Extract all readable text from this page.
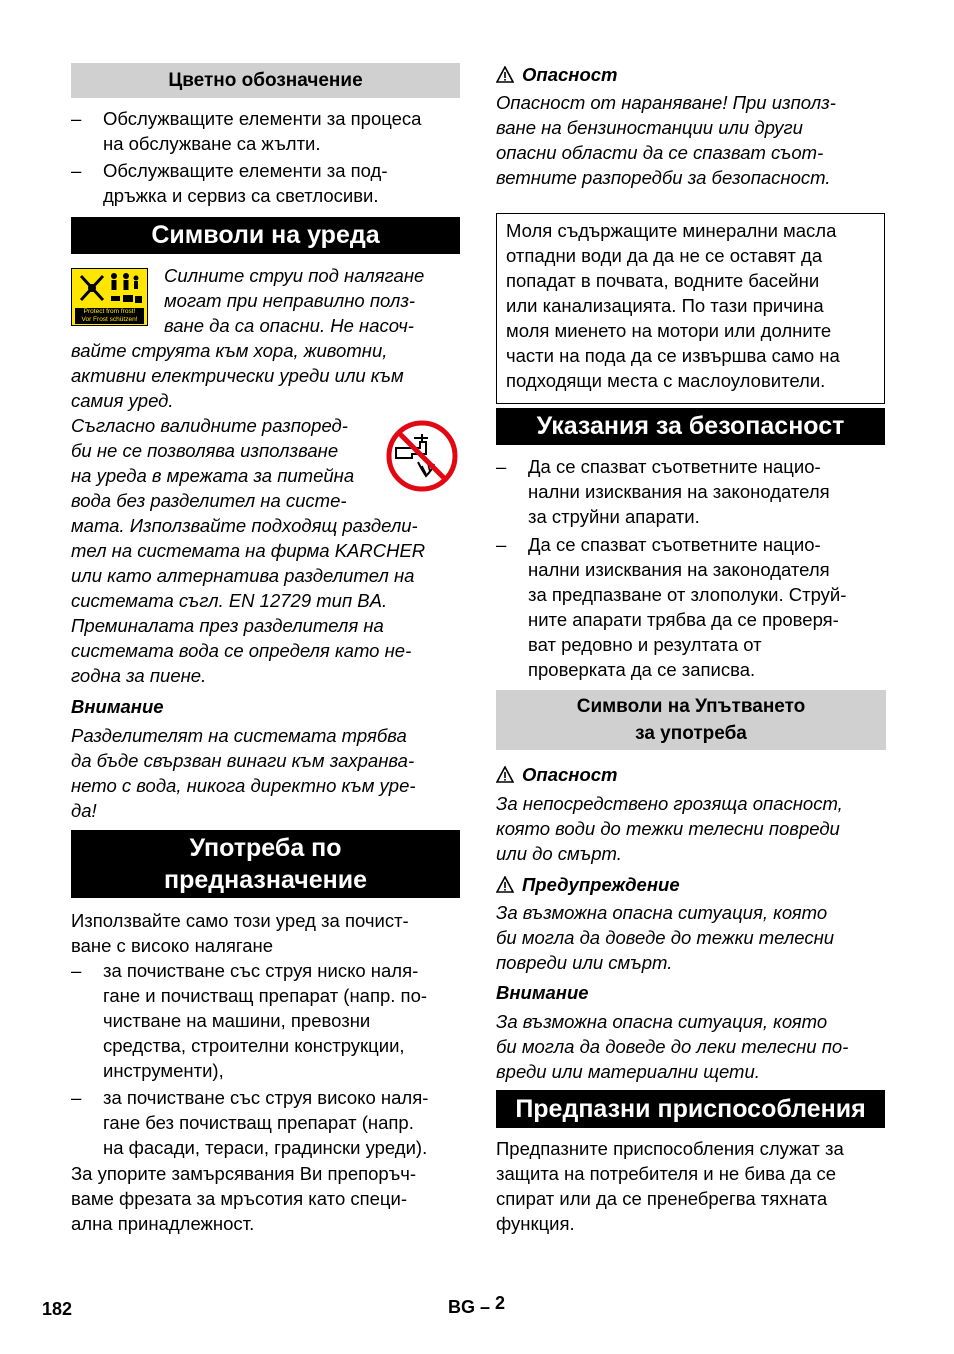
Цветно обозначение
– Обслужващите елементи за процеса
на обслужване са жълти.
– Обслужващите елементи за под-
дръжка и сервиз са светлосиви.
Символи на уреда
Protect from frost!
Vor Frost schützen!
Силните струи под налягане
могат при неправилно полз-
ване да са опасни. Не насоч-
вайте струята към хора, животни,
активни електрически уреди или към
самия уред.
Съгласно валидните разпоред-
би не се позволява използване
на уреда в мрежата за питейна
вода без разделител на систе-
мата. Използвайте подходящ раздели-
тел на системата на фирма KARCHER
или като алтернатива разделител на
системата съгл. EN 12729 тип BA.
Преминалата през разделителя на
системата вода се определя като не-
годна за пиене.
Внимание
Разделителят на системата трябва
да бъде свързван винаги към захранва-
нето с вода, никога директно към уре-
да!
Употреба по
предназначение
Използвайте само този уред за почист-
ване с високо налягане
– за почистване със струя ниско наля-
гане и почистващ препарат (напр. по-
чистване на машини, превозни
средства, строителни конструкции,
инструменти),
– за почистване със струя високо наля-
гане без почистващ препарат (напр.
на фасади, тераси, градински уреди).
За упорите замърсявания Ви препоръч-
ваме фрезата за мръсотия като специ-
ална принадлежност.
Опасност
Опасност от нараняване! При използ-
ване на бензиностанции или други
опасни области да се спазват съот-
ветните разпоредби за безопасност.
Моля съдържащите минерални масла
отпадни води да да не се оставят да
попадат в почвата, водните басейни
или канализацията. По тази причина
моля миенето на мотори или долните
части на пода да се извършва само на
подходящи места с маслоуловители.
Указания за безопасност
– Да се спазват съответните нацио-
нални изисквания на законодателя
за струйни апарати.
– Да се спазват съответните нацио-
нални изисквания на законодателя
за предпазване от злополуки. Струй-
ните апарати трябва да се проверя-
ват редовно и резултата от
проверката да се записва.
Символи на Упътването
за употреба
Опасност
За непосредствено грозяща опасност,
която води до тежки телесни повреди
или до смърт.
Предупреждение
За възможна опасна ситуация, която
би могла да доведе до тежки телесни
повреди или смърт.
Внимание
За възможна опасна ситуация, която
би могла да доведе до леки телесни по-
вреди или материални щети.
Предпазни приспособления
Предпазните приспособления служат за
защита на потребителя и не бива да се
спират или да се пренебрегва тяхната
функция.
182	BG – 2
